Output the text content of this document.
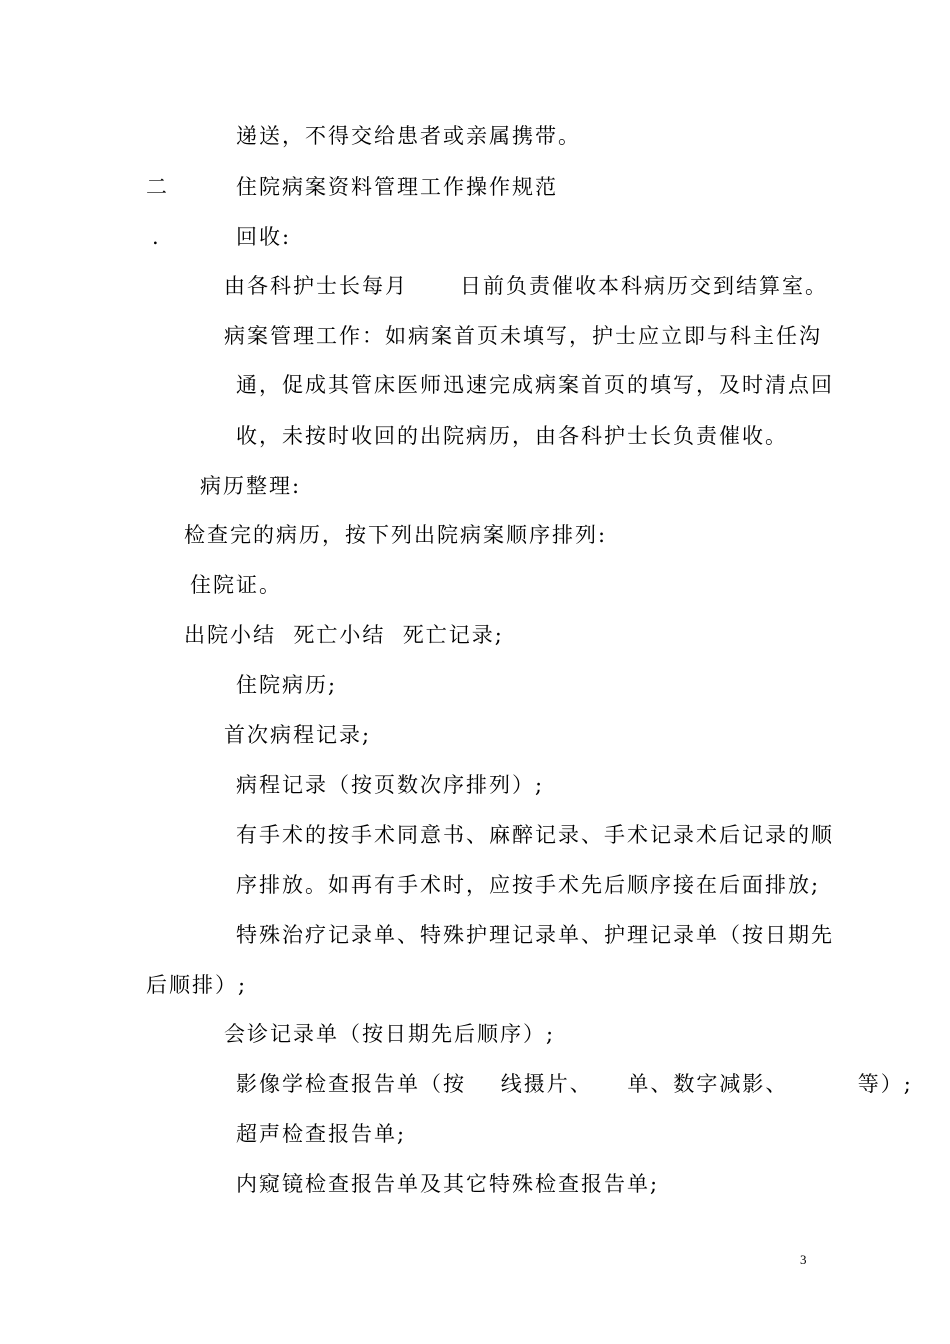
递送，不得交给患者或亲属携带。
二	住院病案资料管理工作操作规范
.	回收:
由各科护士长每月      日前负责催收本科病历交到结算室。
病案管理工作：如病案首页未填写，护士应立即与科主任沟
通，促成其管床医师迅速完成病案首页的填写，及时清点回
收，未按时收回的出院病历，由各科护士长负责催收。
病历整理:
检查完的病历，按下列出院病案顺序排列:
住院证。
出院小结  死亡小结  死亡记录;
住院病历;
首次病程记录;
病程记录（按页数次序排列）;
有手术的按手术同意书、麻醉记录、手术记录术后记录的顺
序排放。如再有手术时，应按手术先后顺序接在后面排放;
特殊治疗记录单、特殊护理记录单、护理记录单（按日期先
后顺排）;
会诊记录单（按日期先后顺序）;
影像学检查报告单（按    线摄片、    单、数字减影、        等）;
超声检查报告单;
内窥镜检查报告单及其它特殊检查报告单;
3
